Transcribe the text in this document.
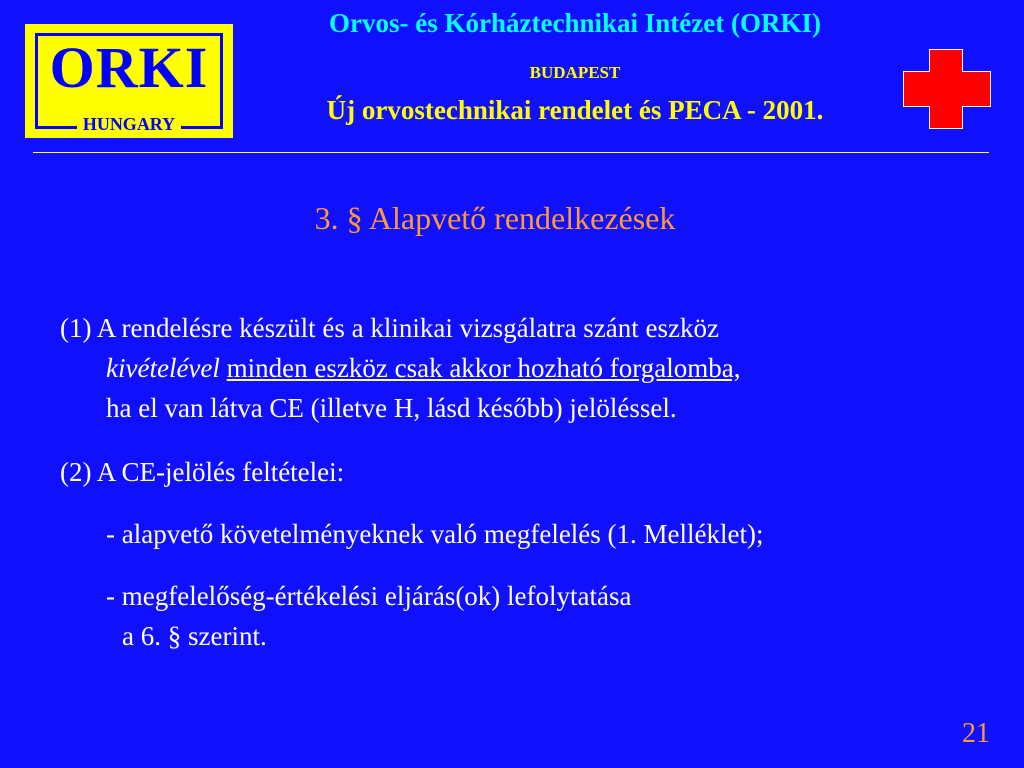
ORKI
HUNGARY
Orvos- és Kórháztechnikai Intézet (ORKI)
BUDAPEST
Új orvostechnikai rendelet és PECA - 2001.
3. § Alapvető rendelkezések
(1) A rendelésre készült és a klinikai vizsgálatra szánt eszköz
kivételével minden eszköz csak akkor hozható forgalomba,
ha el van látva CE (illetve H, lásd később) jelöléssel.
(2) A CE-jelölés feltételei:
- alapvető követelményeknek való megfelelés (1. Melléklet);
- megfelelőség-értékelési eljárás(ok) lefolytatása
a 6. § szerint.
21
